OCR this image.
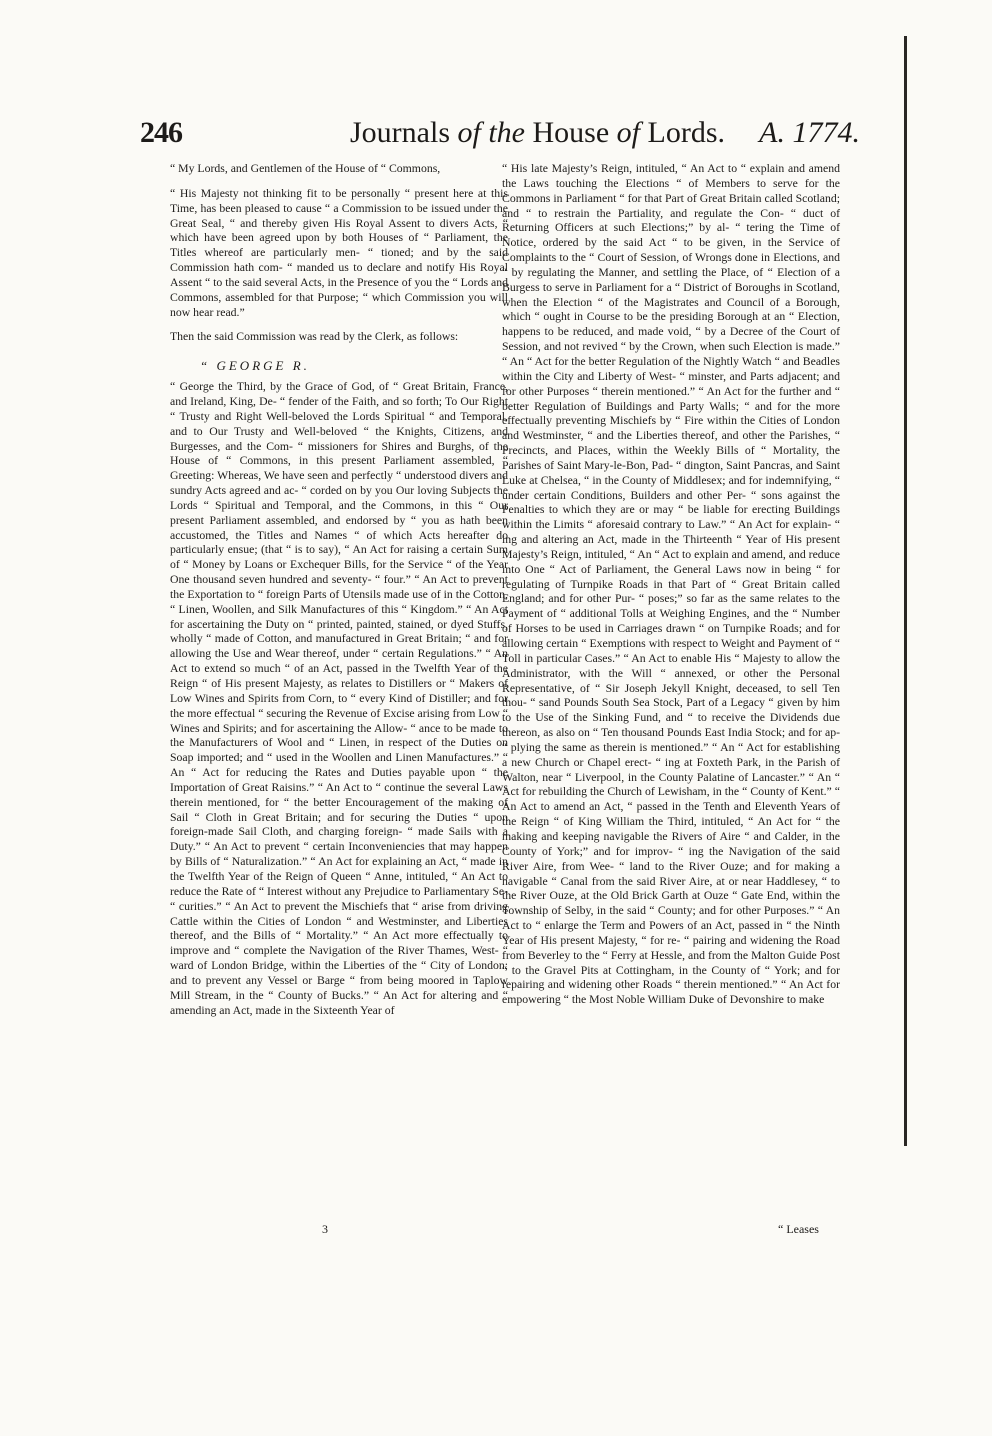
246	Journals of the House of Lords. A. 1774.

“ My Lords, and Gentlemen of the House of “ Commons,

“ His Majesty not thinking fit to be personally “ present here at this Time, has been pleased to cause “ a Commission to be issued under the Great Seal, “ and thereby given His Royal Assent to divers Acts, “ which have been agreed upon by both Houses of “ Parliament, the Titles whereof are particularly men- “ tioned; and by the said Commission hath com- “ manded us to declare and notify His Royal Assent “ to the said several Acts, in the Presence of you the “ Lords and Commons, assembled for that Purpose; “ which Commission you will now hear read.”

Then the said Commission was read by the Clerk, as follows:

“ GEORGE R.

“ George the Third, by the Grace of God, of “ Great Britain, France, and Ireland, King, De- “ fender of the Faith, and so forth; To Our Right “ Trusty and Right Well-beloved the Lords Spiritual “ and Temporal, and to Our Trusty and Well-beloved “ the Knights, Citizens, and Burgesses, and the Com- “ missioners for Shires and Burghs, of the House of “ Commons, in this present Parliament assembled, “ Greeting: Whereas, We have seen and perfectly “ understood divers and sundry Acts agreed and ac- “ corded on by you Our loving Subjects the Lords “ Spiritual and Temporal, and the Commons, in this “ Our present Parliament assembled, and endorsed by “ you as hath been accustomed, the Titles and Names “ of which Acts hereafter do particularly ensue; (that “ is to say), “ An Act for raising a certain Sum of “ Money by Loans or Exchequer Bills, for the Service “ of the Year One thousand seven hundred and seventy- “ four.” “ An Act to prevent the Exportation to “ foreign Parts of Utensils made use of in the Cotton, “ Linen, Woollen, and Silk Manufactures of this “ Kingdom.” “ An Act for ascertaining the Duty on “ printed, painted, stained, or dyed Stuffs, wholly “ made of Cotton, and manufactured in Great Britain; “ and for allowing the Use and Wear thereof, under “ certain Regulations.” “ An Act to extend so much “ of an Act, passed in the Twelfth Year of the Reign “ of His present Majesty, as relates to Distillers or “ Makers of Low Wines and Spirits from Corn, to “ every Kind of Distiller; and for the more effectual “ securing the Revenue of Excise arising from Low “ Wines and Spirits; and for ascertaining the Allow- “ ance to be made to the Manufacturers of Wool and “ Linen, in respect of the Duties on Soap imported; and “ used in the Woollen and Linen Manufactures.” “ An “ Act for reducing the Rates and Duties payable upon “ the Importation of Great Raisins.” “ An Act to “ continue the several Laws therein mentioned, for “ the better Encouragement of the making of Sail “ Cloth in Great Britain; and for securing the Duties “ upon foreign-made Sail Cloth, and charging foreign- “ made Sails with a Duty.” “ An Act to prevent “ certain Inconveniencies that may happen by Bills of “ Naturalization.” “ An Act for explaining an Act, “ made in the Twelfth Year of the Reign of Queen “ Anne, intituled, “ An Act to reduce the Rate of “ Interest without any Prejudice to Parliamentary Se- “ curities.” “ An Act to prevent the Mischiefs that “ arise from driving Cattle within the Cities of London “ and Westminster, and Liberties thereof, and the Bills of “ Mortality.” “ An Act more effectually to improve and “ complete the Navigation of the River Thames, West- “ ward of London Bridge, within the Liberties of the “ City of London; and to prevent any Vessel or Barge “ from being moored in Taplow Mill Stream, in the “ County of Bucks.” “ An Act for altering and “ amending an Act, made in the Sixteenth Year of

“ His late Majesty’s Reign, intituled, “ An Act to “ explain and amend the Laws touching the Elections “ of Members to serve for the Commons in Parliament “ for that Part of Great Britain called Scotland; and “ to restrain the Partiality, and regulate the Con- “ duct of Returning Officers at such Elections;” by al- “ tering the Time of Notice, ordered by the said Act “ to be given, in the Service of Complaints to the “ Court of Session, of Wrongs done in Elections, and “ by regulating the Manner, and settling the Place, of “ Election of a Burgess to serve in Parliament for a “ District of Boroughs in Scotland, when the Election “ of the Magistrates and Council of a Borough, which “ ought in Course to be the presiding Borough at an “ Election, happens to be reduced, and made void, “ by a Decree of the Court of Session, and not revived “ by the Crown, when such Election is made.” “ An “ Act for the better Regulation of the Nightly Watch “ and Beadles within the City and Liberty of West- “ minster, and Parts adjacent; and for other Purposes “ therein mentioned.” “ An Act for the further and “ better Regulation of Buildings and Party Walls; “ and for the more effectually preventing Mischiefs by “ Fire within the Cities of London and Westminster, “ and the Liberties thereof, and other the Parishes, “ Precincts, and Places, within the Weekly Bills of “ Mortality, the Parishes of Saint Mary-le-Bon, Pad- “ dington, Saint Pancras, and Saint Luke at Chelsea, “ in the County of Middlesex; and for indemnifying, “ under certain Conditions, Builders and other Per- “ sons against the Penalties to which they are or may “ be liable for erecting Buildings within the Limits “ aforesaid contrary to Law.” “ An Act for explain- “ ing and altering an Act, made in the Thirteenth “ Year of His present Majesty’s Reign, intituled, “ An “ Act to explain and amend, and reduce into One “ Act of Parliament, the General Laws now in being “ for regulating of Turnpike Roads in that Part of “ Great Britain called England; and for other Pur- “ poses;” so far as the same relates to the Payment of “ additional Tolls at Weighing Engines, and the “ Number of Horses to be used in Carriages drawn “ on Turnpike Roads; and for allowing certain “ Exemptions with respect to Weight and Payment of “ Toll in particular Cases.” “ An Act to enable His “ Majesty to allow the Administrator, with the Will “ annexed, or other the Personal Representative, of “ Sir Joseph Jekyll Knight, deceased, to sell Ten thou- “ sand Pounds South Sea Stock, Part of a Legacy “ given by him to the Use of the Sinking Fund, and “ to receive the Dividends due thereon, as also on “ Ten thousand Pounds East India Stock; and for ap- “ plying the same as therein is mentioned.” “ An “ Act for establishing a new Church or Chapel erect- “ ing at Foxteth Park, in the Parish of Walton, near “ Liverpool, in the County Palatine of Lancaster.” “ An “ Act for rebuilding the Church of Lewisham, in the “ County of Kent.” “ An Act to amend an Act, “ passed in the Tenth and Eleventh Years of the Reign “ of King William the Third, intituled, “ An Act for “ the making and keeping navigable the Rivers of Aire “ and Calder, in the County of York;” and for improv- “ ing the Navigation of the said River Aire, from Wee- “ land to the River Ouze; and for making a navigable “ Canal from the said River Aire, at or near Haddlesey, “ to the River Ouze, at the Old Brick Garth at Ouze “ Gate End, within the Township of Selby, in the said “ County; and for other Purposes.” “ An Act to “ enlarge the Term and Powers of an Act, passed in “ the Ninth Year of His present Majesty, “ for re- “ pairing and widening the Road from Beverley to the “ Ferry at Hessle, and from the Malton Guide Post “ to the Gravel Pits at Cottingham, in the County of “ York; and for repairing and widening other Roads “ therein mentioned.” “ An Act for empowering “ the Most Noble William Duke of Devonshire to make

3	“ Leases
